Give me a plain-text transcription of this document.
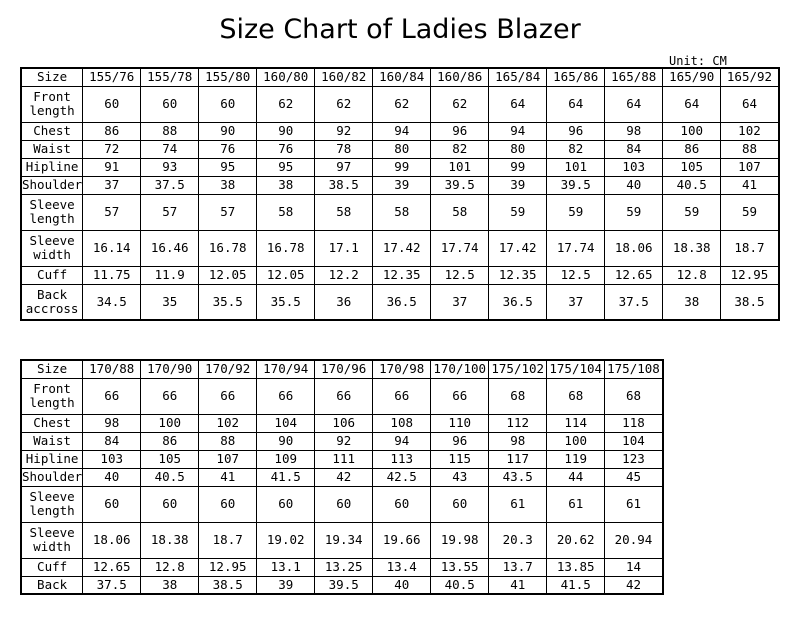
Size Chart of Ladies Blazer
Unit: CM
Size	155/76	155/78	155/80	160/80	160/82	160/84	160/86	165/84	165/86	165/88	165/90	165/92
Front length	60	60	60	62	62	62	62	64	64	64	64	64
Chest	86	88	90	90	92	94	96	94	96	98	100	102
Waist	72	74	76	76	78	80	82	80	82	84	86	88
Hipline	91	93	95	95	97	99	101	99	101	103	105	107
Shoulder	37	37.5	38	38	38.5	39	39.5	39	39.5	40	40.5	41
Sleeve length	57	57	57	58	58	58	58	59	59	59	59	59
Sleeve width	16.14	16.46	16.78	16.78	17.1	17.42	17.74	17.42	17.74	18.06	18.38	18.7
Cuff	11.75	11.9	12.05	12.05	12.2	12.35	12.5	12.35	12.5	12.65	12.8	12.95
Back accross	34.5	35	35.5	35.5	36	36.5	37	36.5	37	37.5	38	38.5
Size	170/88	170/90	170/92	170/94	170/96	170/98	170/100	175/102	175/104	175/108
Front length	66	66	66	66	66	66	66	68	68	68
Chest	98	100	102	104	106	108	110	112	114	118
Waist	84	86	88	90	92	94	96	98	100	104
Hipline	103	105	107	109	111	113	115	117	119	123
Shoulder	40	40.5	41	41.5	42	42.5	43	43.5	44	45
Sleeve length	60	60	60	60	60	60	60	61	61	61
Sleeve width	18.06	18.38	18.7	19.02	19.34	19.66	19.98	20.3	20.62	20.94
Cuff	12.65	12.8	12.95	13.1	13.25	13.4	13.55	13.7	13.85	14
Back	37.5	38	38.5	39	39.5	40	40.5	41	41.5	42
